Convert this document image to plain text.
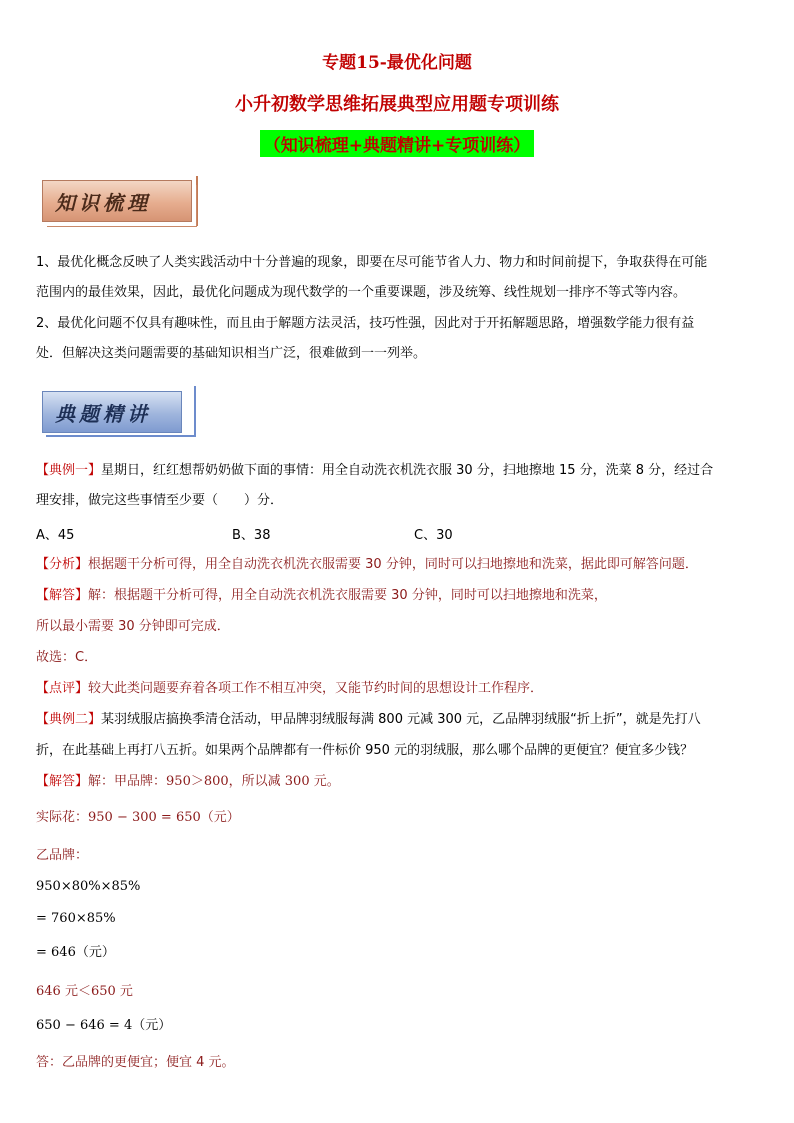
专题15-最优化问题
小升初数学思维拓展典型应用题专项训练
（知识梳理+典题精讲+专项训练）
知识梳理
1、最优化概念反映了人类实践活动中十分普遍的现象，即要在尽可能节省人力、物力和时间前提下，争取获得在可能
范围内的最佳效果，因此，最优化问题成为现代数学的一个重要课题，涉及统筹、线性规划一排序不等式等内容。
2、最优化问题不仅具有趣味性，而且由于解题方法灵活，技巧性强，因此对于开拓解题思路，增强数学能力很有益
处．但解决这类问题需要的基础知识相当广泛，很难做到一一列举。
典题精讲
【典例一】星期日，红红想帮奶奶做下面的事情：用全自动洗衣机洗衣服 30 分，扫地擦地 15 分，洗菜 8 分，经过合
理安排，做完这些事情至少要（　　）分．
A、45	B、38	C、30
【分析】根据题干分析可得，用全自动洗衣机洗衣服需要 30 分钟，同时可以扫地擦地和洗菜，据此即可解答问题．
【解答】解：根据题干分析可得，用全自动洗衣机洗衣服需要 30 分钟，同时可以扫地擦地和洗菜，
所以最小需要 30 分钟即可完成．
故选：C．
【点评】较大此类问题要弃着各项工作不相互冲突，又能节约时间的思想设计工作程序．
【典例二】某羽绒服店搞换季清仓活动，甲品牌羽绒服每满 800 元减 300 元，乙品牌羽绒服“折上折”，就是先打八
折，在此基础上再打八五折。如果两个品牌都有一件标价 950 元的羽绒服，那么哪个品牌的更便宜？便宜多少钱？
【解答】解：甲品牌：950＞800，所以减 300 元。
实际花：950 − 300 = 650（元）
乙品牌：
950×80%×85%
= 760×85%
= 646（元）
646 元＜650 元
650 − 646 = 4（元）
答：乙品牌的更便宜；便宜 4 元。
